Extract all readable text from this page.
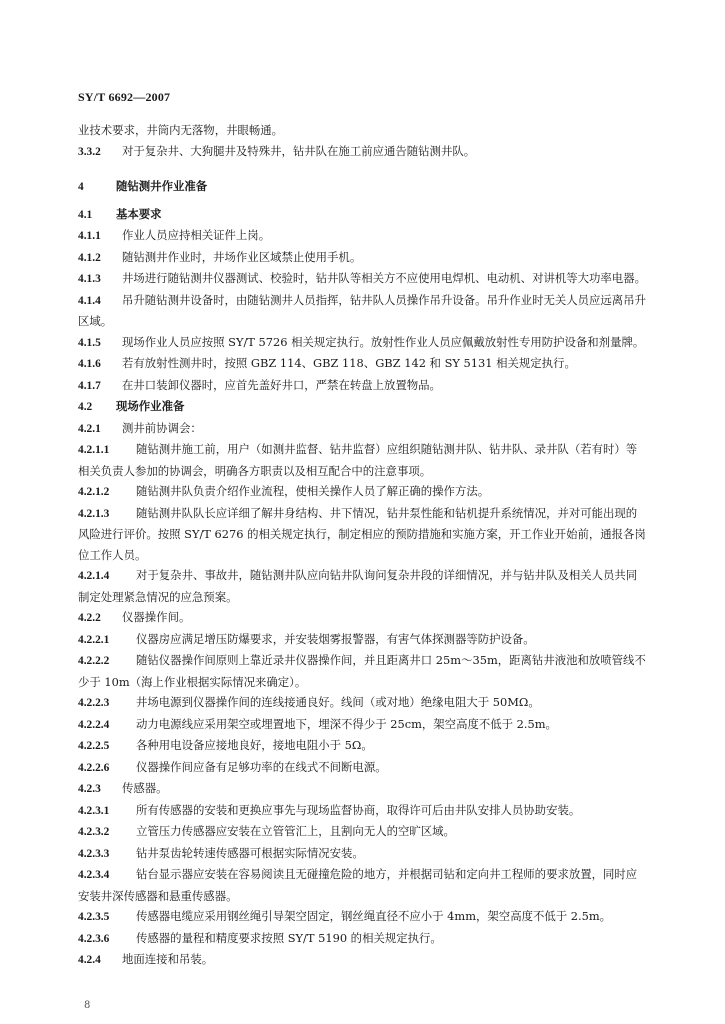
SY/T 6692—2007
业技术要求，井筒内无落物，井眼畅通。
3.3.2 对于复杂井、大狗腿井及特殊井，钻井队在施工前应通告随钻测井队。
4	随钻测井作业准备
4.1 基本要求
4.1.1 作业人员应持相关证件上岗。
4.1.2 随钻测井作业时，井场作业区域禁止使用手机。
4.1.3 井场进行随钻测井仪器测试、校验时，钻井队等相关方不应使用电焊机、电动机、对讲机等大功率电器。
4.1.4 吊升随钻测井设备时，由随钻测井人员指挥，钻井队人员操作吊升设备。吊升作业时无关人员应远离吊升区域。
4.1.5 现场作业人员应按照 SY/T 5726 相关规定执行。放射性作业人员应佩戴放射性专用防护设备和剂量牌。
4.1.6 若有放射性测井时，按照 GBZ 114、GBZ 118、GBZ 142 和 SY 5131 相关规定执行。
4.1.7 在井口装卸仪器时，应首先盖好井口，严禁在转盘上放置物品。
4.2 现场作业准备
4.2.1 测井前协调会：
4.2.1.1 随钻测井施工前，用户（如测井监督、钻井监督）应组织随钻测井队、钻井队、录井队（若有时）等相关负责人参加的协调会，明确各方职责以及相互配合中的注意事项。
4.2.1.2 随钻测井队负责介绍作业流程，使相关操作人员了解正确的操作方法。
4.2.1.3 随钻测井队队长应详细了解井身结构、井下情况，钻井泵性能和钻机提升系统情况，并对可能出现的风险进行评价。按照 SY/T 6276 的相关规定执行，制定相应的预防措施和实施方案，开工作业开始前，通报各岗位工作人员。
4.2.1.4 对于复杂井、事故井，随钻测井队应向钻井队询问复杂井段的详细情况，并与钻井队及相关人员共同制定处理紧急情况的应急预案。
4.2.2 仪器操作间。
4.2.2.1 仪器房应满足增压防爆要求，并安装烟雾报警器，有害气体探测器等防护设备。
4.2.2.2 随钻仪器操作间原则上靠近录井仪器操作间，并且距离井口 25m～35m，距离钻井液池和放喷管线不少于 10m（海上作业根据实际情况来确定）。
4.2.2.3 井场电源到仪器操作间的连线接通良好。线间（或对地）绝缘电阻大于 50MΩ。
4.2.2.4 动力电源线应采用架空或埋置地下，埋深不得少于 25cm，架空高度不低于 2.5m。
4.2.2.5 各种用电设备应接地良好，接地电阻小于 5Ω。
4.2.2.6 仪器操作间应备有足够功率的在线式不间断电源。
4.2.3 传感器。
4.2.3.1 所有传感器的安装和更换应事先与现场监督协商，取得许可后由井队安排人员协助安装。
4.2.3.2 立管压力传感器应安装在立管管汇上，且割向无人的空旷区域。
4.2.3.3 钻井泵齿轮转速传感器可根据实际情况安装。
4.2.3.4 钻台显示器应安装在容易阅读且无碰撞危险的地方，并根据司钻和定向井工程师的要求放置，同时应安装井深传感器和悬重传感器。
4.2.3.5 传感器电缆应采用钢丝绳引导架空固定，钢丝绳直径不应小于 4mm，架空高度不低于 2.5m。
4.2.3.6 传感器的量程和精度要求按照 SY/T 5190 的相关规定执行。
4.2.4 地面连接和吊装。
8
